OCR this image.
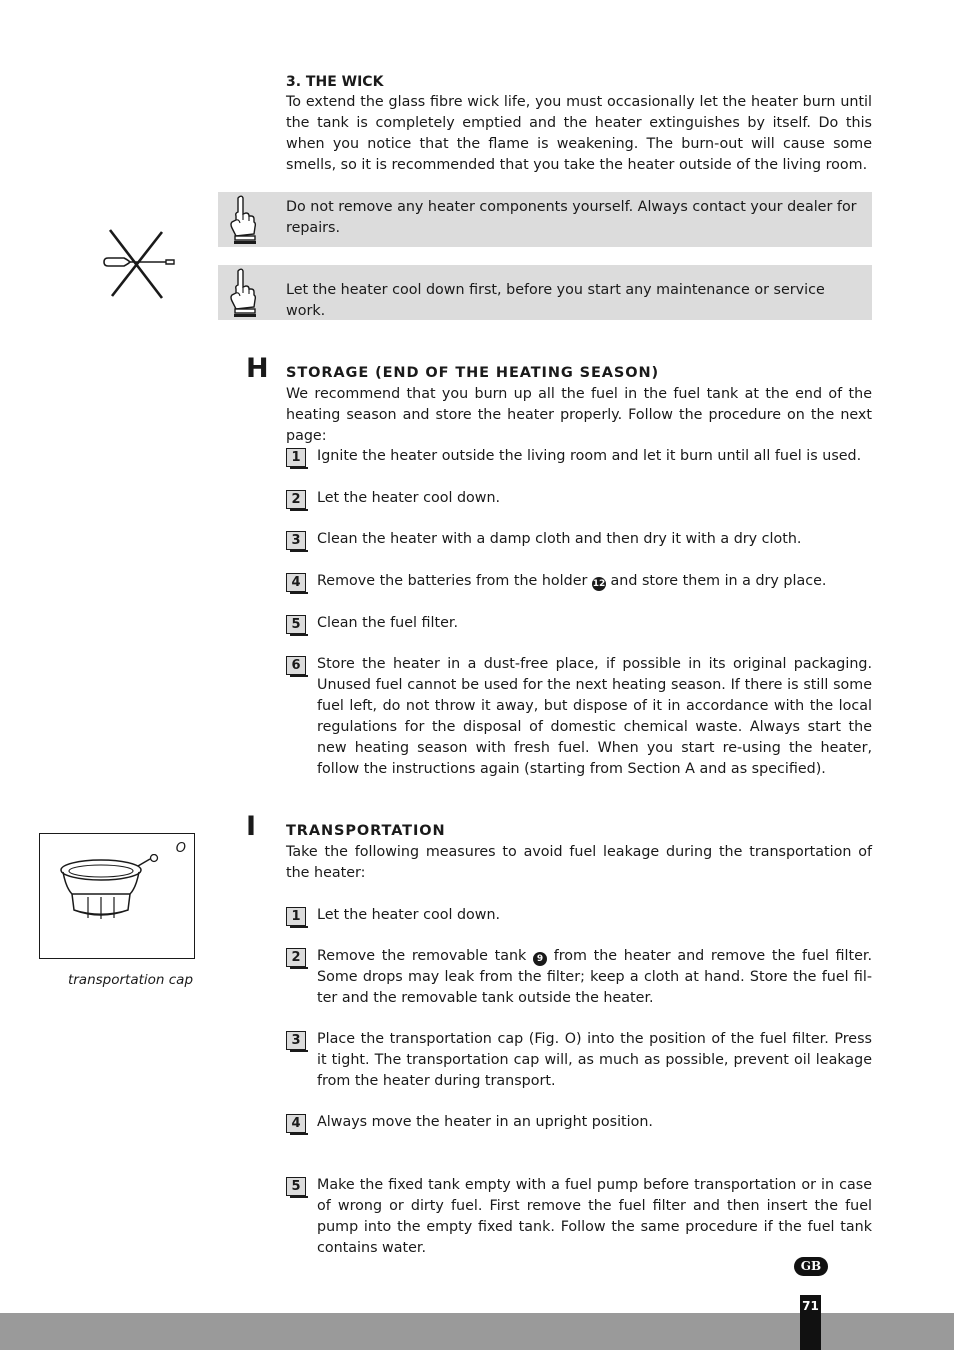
3. THE WICK
To extend the glass fibre wick life, you must occasionally let the heater burn until the tank is completely emptied and the heater extinguishes by itself. Do this when you notice that the flame is weakening. The burn-out will cause some smells, so it is recommended that you take the heater outside of the living room.
Do not remove any heater components yourself. Always contact your dealer for repairs.
Let the heater cool down first, before you start any maintenance or service work.
H STORAGE (END OF THE HEATING SEASON)
We recommend that you burn up all the fuel in the fuel tank at the end of the heating season and store the heater properly. Follow the procedure on the next page:
1	Ignite the heater outside the living room and let it burn until all fuel is used.
2	Let the heater cool down.
3	Clean the heater with a damp cloth and then dry it with a dry cloth.
4	Remove the batteries from the holder 12 and store them in a dry place.
5	Clean the fuel filter.
6	Store the heater in a dust-free place, if possible in its original packaging. Unused fuel cannot be used for the next heating season. If there is still some fuel left, do not throw it away, but dispose of it in accordance with the local regulations for the disposal of domestic chemical waste. Always start the new heating season with fresh fuel. When you start re-using the heater, follow the instructions again (starting from Section A and as specified).
I TRANSPORTATION
Take the following measures to avoid fuel leakage during the transportation of the heater:
1	Let the heater cool down.
2	Remove the removable tank 9 from the heater and remove the fuel filter. Some drops may leak from the filter; keep a cloth at hand. Store the fuel fil-ter and the removable tank outside the heater.
3	Place the transportation cap (Fig. O) into the position of the fuel filter. Press it tight. The transportation cap will, as much as possible, prevent oil leakage from the heater during transport.
4	Always move the heater in an upright position.
5	Make the fixed tank empty with a fuel pump before transportation or in case of wrong or dirty fuel. First remove the fuel filter and then insert the fuel pump into the empty fixed tank. Follow the same procedure if the fuel tank contains water.
O
transportation cap
GB
71
